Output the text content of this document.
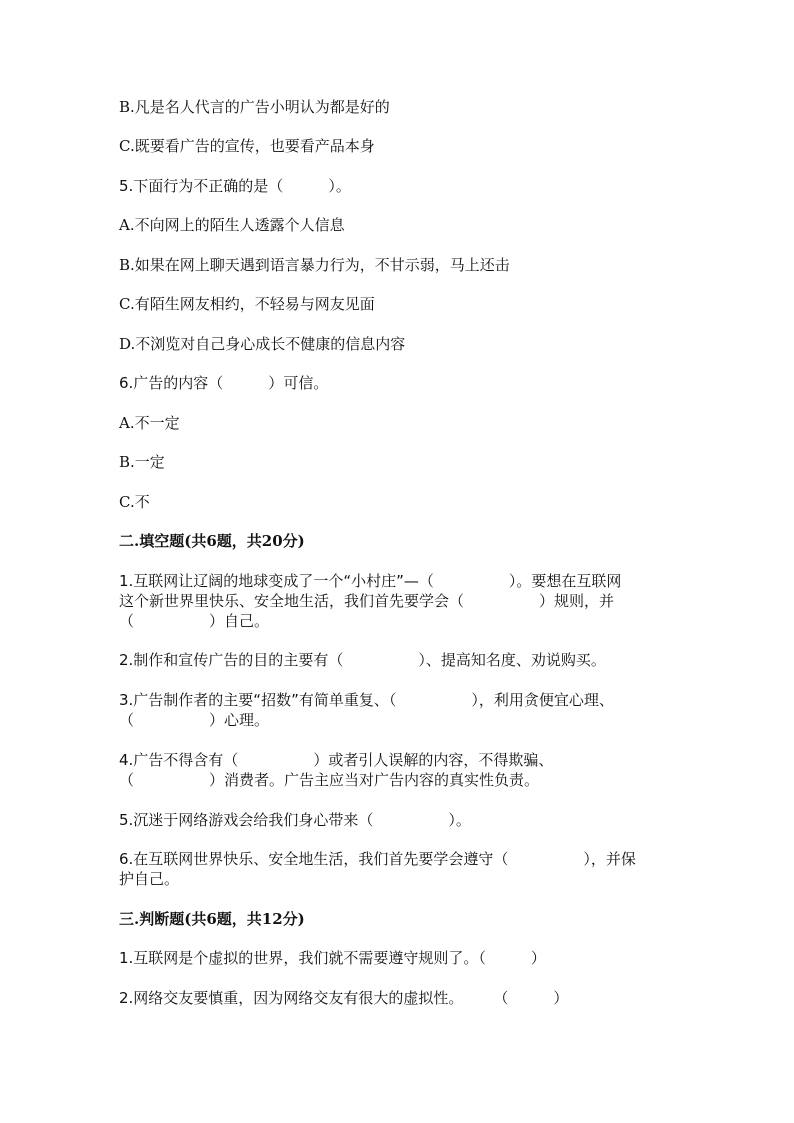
B.凡是名人代言的广告小明认为都是好的
C.既要看广告的宣传，也要看产品本身
5.下面行为不正确的是（　　　）。
A.不向网上的陌生人透露个人信息
B.如果在网上聊天遇到语言暴力行为，不甘示弱，马上还击
C.有陌生网友相约，不轻易与网友见面
D.不浏览对自己身心成长不健康的信息内容
6.广告的内容（　　　）可信。
A.不一定
B.一定
C.不
二.填空题(共6题，共20分)
1.互联网让辽阔的地球变成了一个“小村庄”—（　　　　　）。要想在互联网
这个新世界里快乐、安全地生活，我们首先要学会（　　　　　）规则，并
（　　　　　）自己。
2.制作和宣传广告的目的主要有（　　　　　）、提高知名度、劝说购买。
3.广告制作者的主要“招数”有简单重复、（　　　　　），利用贪便宜心理、
（　　　　　）心理。
4.广告不得含有（　　　　　）或者引人误解的内容，不得欺骗、
（　　　　　）消费者。广告主应当对广告内容的真实性负责。
5.沉迷于网络游戏会给我们身心带来（　　　　　）。
6.在互联网世界快乐、安全地生活，我们首先要学会遵守（　　　　　），并保
护自己。
三.判断题(共6题，共12分)
1.互联网是个虚拟的世界，我们就不需要遵守规则了。（　　　）
2.网络交友要慎重，因为网络交友有很大的虚拟性。　　　（　　　）
